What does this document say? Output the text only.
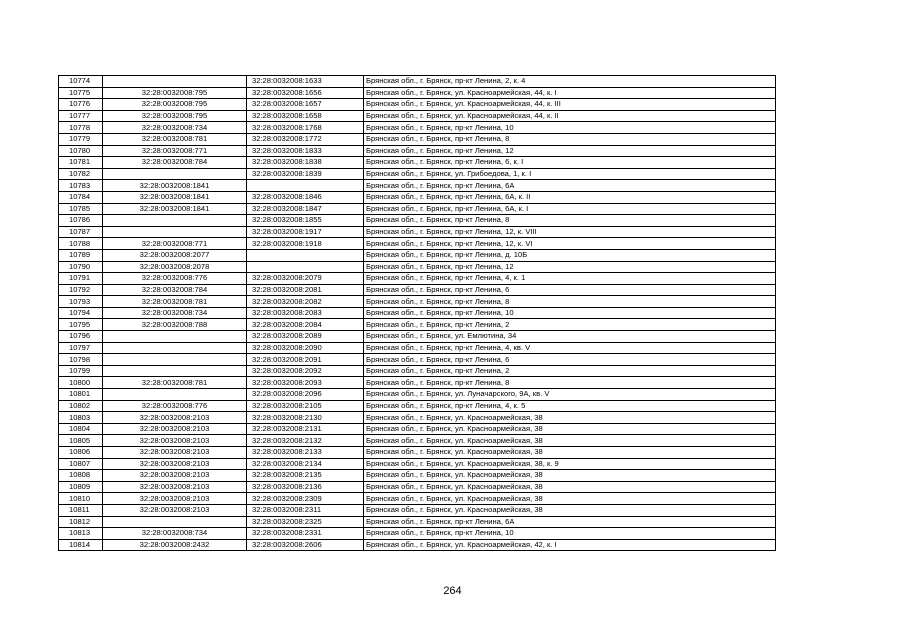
10774		32:28:0032008:1633	Брянская обл., г. Брянск, пр-кт Ленина, 2, к. 4
10775	32:28:0032008:795	32:28:0032008:1656	Брянская обл., г. Брянск, ул. Красноармейская, 44, к. I
10776	32:28:0032008:795	32:28:0032008:1657	Брянская обл., г. Брянск, ул. Красноармейская, 44, к. III
10777	32:28:0032008:795	32:28:0032008:1658	Брянская обл., г. Брянск, ул. Красноармейская, 44, к. II
10778	32:28:0032008:734	32:28:0032008:1768	Брянская обл., г. Брянск, пр-кт Ленина, 10
10779	32:28:0032008:781	32:28:0032008:1772	Брянская обл., г. Брянск, пр-кт Ленина, 8
10780	32:28:0032008:771	32:28:0032008:1833	Брянская обл., г. Брянск, пр-кт Ленина, 12
10781	32:28:0032008:784	32:28:0032008:1838	Брянская обл., г. Брянск, пр-кт Ленина, 6, к. I
10782		32:28:0032008:1839	Брянская обл., г. Брянск, ул. Грибоедова, 1, к. I
10783	32:28:0032008:1841		Брянская обл., г. Брянск, пр-кт Ленина, 6А
10784	32:28:0032008:1841	32:28:0032008:1846	Брянская обл., г. Брянск, пр-кт Ленина, 6А, к. II
10785	32:28:0032008:1841	32:28:0032008:1847	Брянская обл., г. Брянск, пр-кт Ленина, 6А, к. I
10786		32:28:0032008:1855	Брянская обл., г. Брянск, пр-кт Ленина, 8
10787		32:28:0032008:1917	Брянская обл., г. Брянск, пр-кт Ленина, 12, к. VIII
10788	32:28:0032008:771	32:28:0032008:1918	Брянская обл., г. Брянск, пр-кт Ленина, 12, к. VI
10789	32:28:0032008:2077		Брянская обл., г. Брянск, пр-кт Ленина, д. 10Б
10790	32:28:0032008:2078		Брянская обл., г. Брянск, пр-кт Ленина, 12
10791	32:28:0032008:776	32:28:0032008:2079	Брянская обл., г. Брянск, пр-кт Ленина, 4, к. 1
10792	32:28:0032008:784	32:28:0032008:2081	Брянская обл., г. Брянск, пр-кт Ленина, 6
10793	32:28:0032008:781	32:28:0032008:2082	Брянская обл., г. Брянск, пр-кт Ленина, 8
10794	32:28:0032008:734	32:28:0032008:2083	Брянская обл., г. Брянск, пр-кт Ленина, 10
10795	32:28:0032008:788	32:28:0032008:2084	Брянская обл., г. Брянск, пр-кт Ленина, 2
10796		32:28:0032008:2089	Брянская обл., г. Брянск, ул. Емлютина, 34
10797		32:28:0032008:2090	Брянская обл., г. Брянск, пр-кт Ленина, 4, кв. V
10798		32:28:0032008:2091	Брянская обл., г. Брянск, пр-кт Ленина, 6
10799		32:28:0032008:2092	Брянская обл., г. Брянск, пр-кт Ленина, 2
10800	32:28:0032008:781	32:28:0032008:2093	Брянская обл., г. Брянск, пр-кт Ленина, 8
10801		32:28:0032008:2096	Брянская обл., г. Брянск, ул. Луначарского, 9А, кв. V
10802	32:28:0032008:776	32:28:0032008:2105	Брянская обл., г. Брянск, пр-кт Ленина, 4, к. 5
10803	32:28:0032008:2103	32:28:0032008:2130	Брянская обл., г. Брянск, ул. Красноармейская, 38
10804	32:28:0032008:2103	32:28:0032008:2131	Брянская обл., г. Брянск, ул. Красноармейская, 38
10805	32:28:0032008:2103	32:28:0032008:2132	Брянская обл., г. Брянск, ул. Красноармейская, 38
10806	32:28:0032008:2103	32:28:0032008:2133	Брянская обл., г. Брянск, ул. Красноармейская, 38
10807	32:28:0032008:2103	32:28:0032008:2134	Брянская обл., г. Брянск, ул. Красноармейская, 38, к. 9
10808	32:28:0032008:2103	32:28:0032008:2135	Брянская обл., г. Брянск, ул. Красноармейская, 38
10809	32:28:0032008:2103	32:28:0032008:2136	Брянская обл., г. Брянск, ул. Красноармейская, 38
10810	32:28:0032008:2103	32:28:0032008:2309	Брянская обл., г. Брянск, ул. Красноармейская, 38
10811	32:28:0032008:2103	32:28:0032008:2311	Брянская обл., г. Брянск, ул. Красноармейская, 38
10812		32:28:0032008:2325	Брянская обл., г. Брянск, пр-кт Ленина, 6А
10813	32:28:0032008:734	32:28:0032008:2331	Брянская обл., г. Брянск, пр-кт Ленина, 10
10814	32:28:0032008:2432	32:28:0032008:2606	Брянская обл., г. Брянск, ул. Красноармейская, 42, к. I
264
